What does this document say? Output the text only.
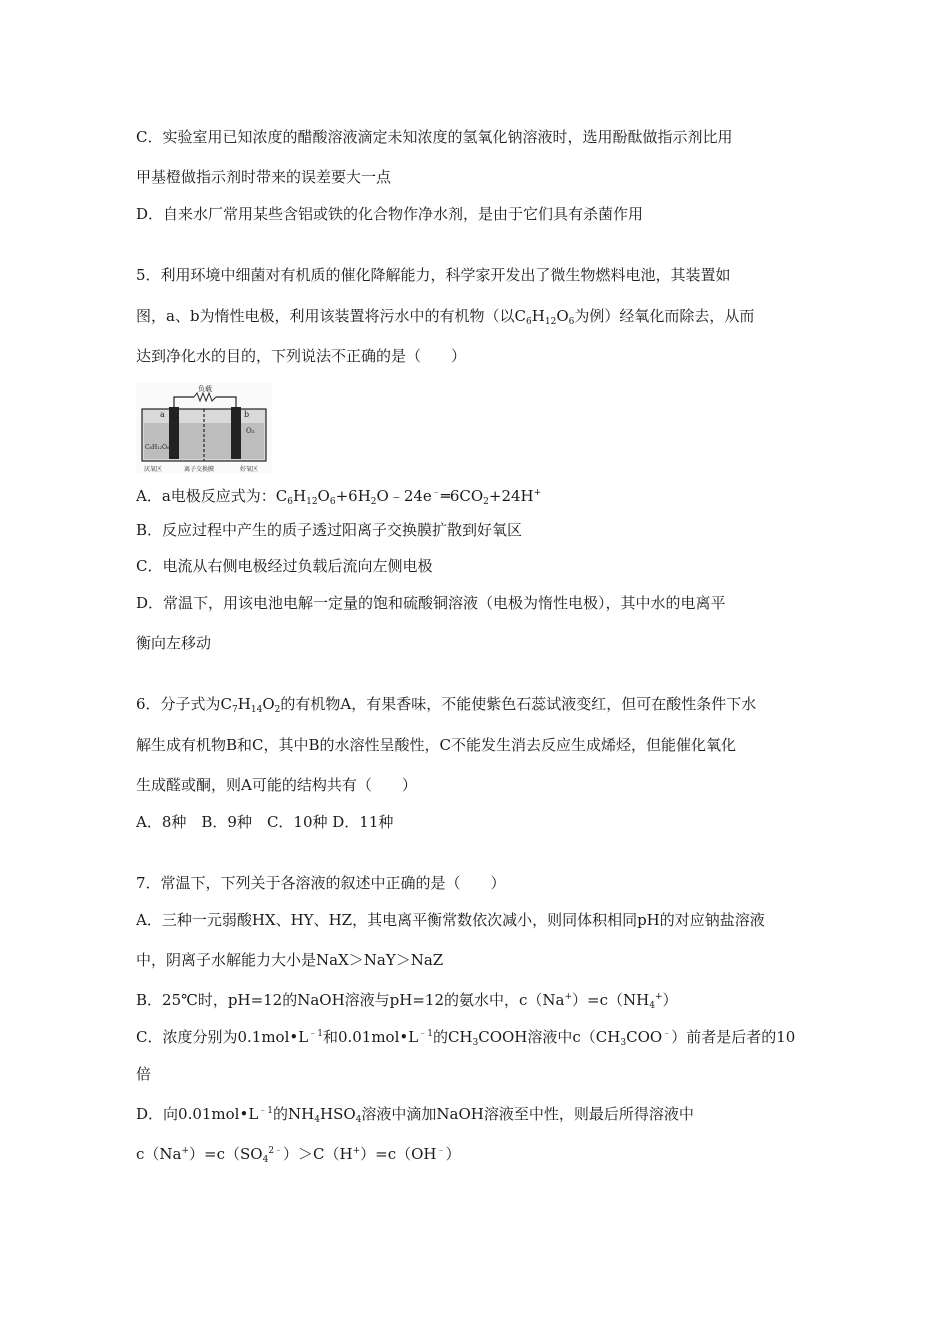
C．实验室用已知浓度的醋酸溶液滴定未知浓度的氢氧化钠溶液时，选用酚酞做指示剂比用
甲基橙做指示剂时带来的误差要大一点
D．自来水厂常用某些含铝或铁的化合物作净水剂，是由于它们具有杀菌作用
5．利用环境中细菌对有机质的催化降解能力，科学家开发出了微生物燃料电池，其装置如
图，a、b为惰性电极，利用该装置将污水中的有机物（以$C_6H_{12}O_6$为例）经氧化而除去，从而
达到净化水的目的，下列说法不正确的是（　　）
负载
a	b
O₂
C₆H₁₂O₆
厌氧区	离子交换膜	好氧区
A．a电极反应式为：$C_6H_{12}O_6+6H_2O﹣24e^﹣═6CO_2+24H^+$
B．反应过程中产生的质子透过阳离子交换膜扩散到好氧区
C．电流从右侧电极经过负载后流向左侧电极
D．常温下，用该电池电解一定量的饱和硫酸铜溶液（电极为惰性电极），其中水的电离平
衡向左移动
6．分子式为$C_7H_{14}O_2$的有机物A，有果香味，不能使紫色石蕊试液变红，但可在酸性条件下水
解生成有机物B和C，其中B的水溶性呈酸性，C不能发生消去反应生成烯烃，但能催化氧化
生成醛或酮，则A可能的结构共有（　　）
A．8种　B．9种　C．10种 D．11种
7．常温下，下列关于各溶液的叙述中正确的是（　　）
A．三种一元弱酸HX、HY、HZ，其电离平衡常数依次减小，则同体积相同pH的对应钠盐溶液
中，阴离子水解能力大小是NaX＞NaY＞NaZ
B．25℃时，pH=12的NaOH溶液与pH=12的氨水中，$c(Na^+)=c(NH_4^+)$
C．浓度分别为$0.1mol•L^{﹣1}$和$0.01mol•L^{﹣1}$的$CH_3COOH$溶液中$c(CH_3COO^﹣)$前者是后者的10
倍
D．向$0.01mol•L^{﹣1}$的$NH_4HSO_4$溶液中滴加NaOH溶液至中性，则最后所得溶液中
$c(Na^+)=c(SO_4^{2﹣})>C(H^+)=c(OH^﹣)$
